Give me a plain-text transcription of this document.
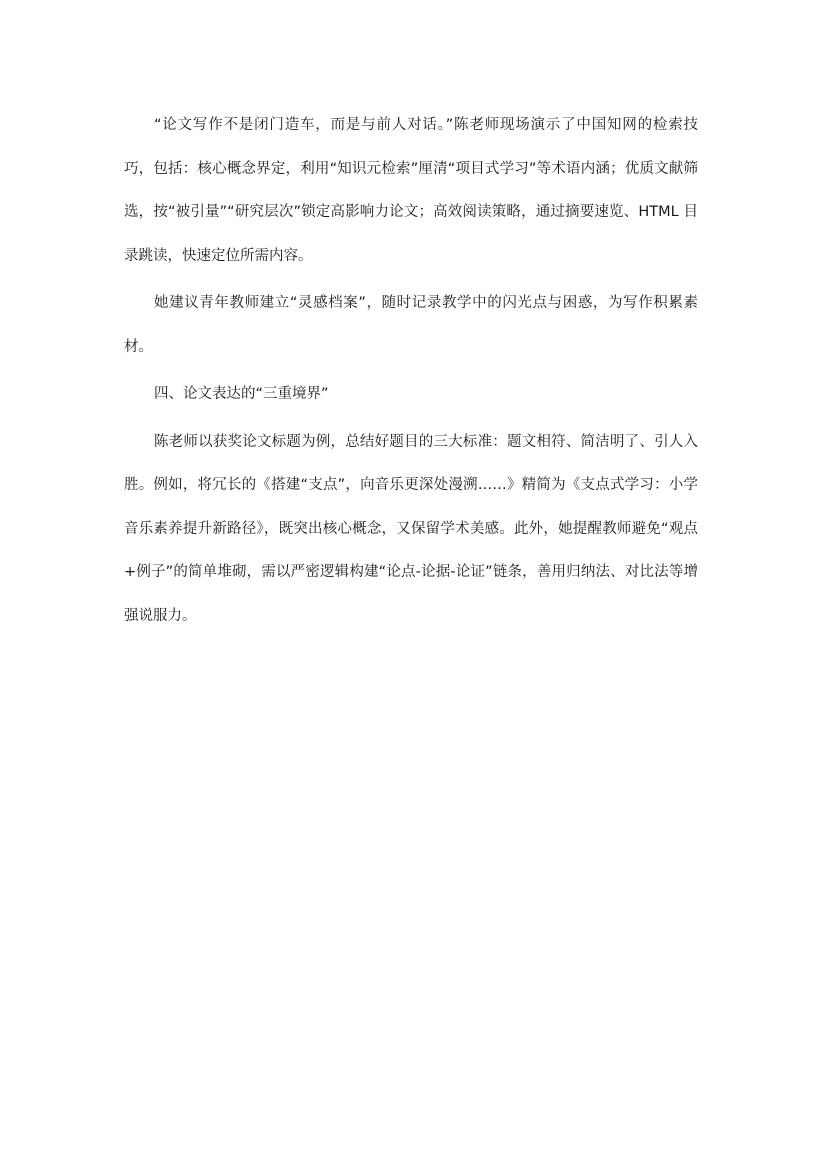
“论文写作不是闭门造车，而是与前人对话。”陈老师现场演示了中国知网的检索技巧，包括：核心概念界定，利用“知识元检索”厘清“项目式学习”等术语内涵；优质文献筛选，按“被引量”“研究层次”锁定高影响力论文；高效阅读策略，通过摘要速览、HTML 目录跳读，快速定位所需内容。

她建议青年教师建立“灵感档案”，随时记录教学中的闪光点与困惑，为写作积累素材。

四、论文表达的“三重境界”

陈老师以获奖论文标题为例，总结好题目的三大标准：题文相符、简洁明了、引人入胜。例如，将冗长的《搭建“支点”，向音乐更深处漫溯……》精简为《支点式学习：小学音乐素养提升新路径》，既突出核心概念，又保留学术美感。此外，她提醒教师避免“观点+例子”的简单堆砌，需以严密逻辑构建“论点-论据-论证”链条，善用归纳法、对比法等增强说服力。
